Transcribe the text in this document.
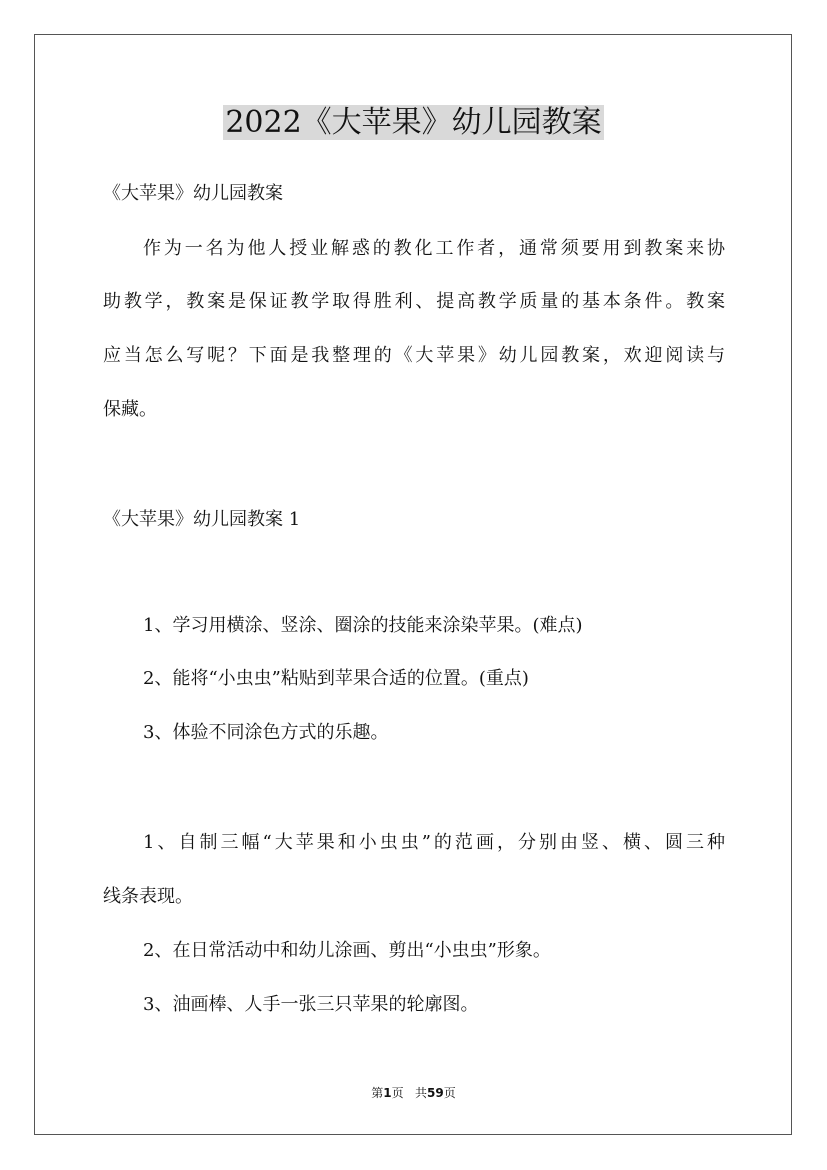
2022《大苹果》幼儿园教案
《大苹果》幼儿园教案
作为一名为他人授业解惑的教化工作者，通常须要用到教案来协
助教学，教案是保证教学取得胜利、提高教学质量的基本条件。教案
应当怎么写呢？下面是我整理的《大苹果》幼儿园教案，欢迎阅读与
保藏。
《大苹果》幼儿园教案 1
1、学习用横涂、竖涂、圈涂的技能来涂染苹果。(难点)
2、能将“小虫虫”粘贴到苹果合适的位置。(重点)
3、体验不同涂色方式的乐趣。
1、自制三幅“大苹果和小虫虫”的范画，分别由竖、横、圆三种
线条表现。
2、在日常活动中和幼儿涂画、剪出“小虫虫”形象。
3、油画棒、人手一张三只苹果的轮廓图。
第1页   共59页
